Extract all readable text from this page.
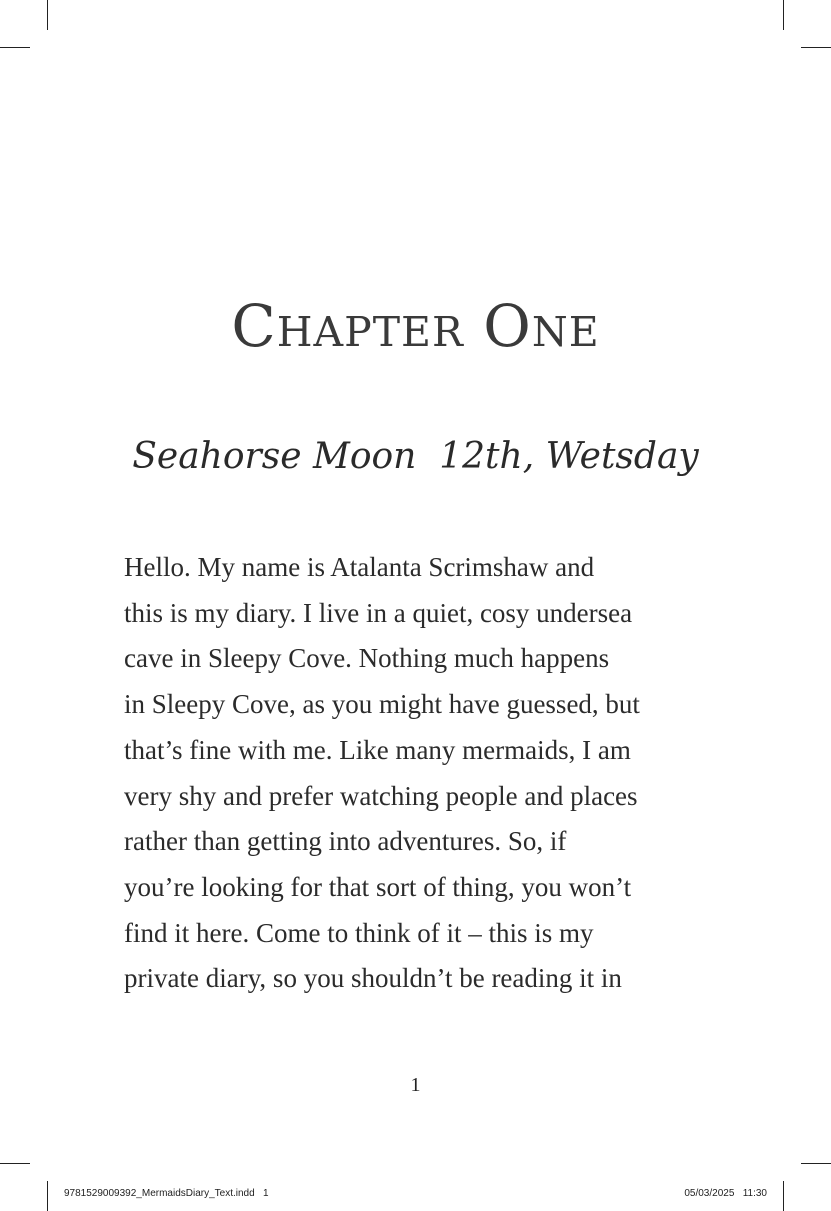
Chapter One
Seahorse Moon  12th, Wetsday
Hello. My name is Atalanta Scrimshaw and
this is my diary. I live in a quiet, cosy undersea
cave in Sleepy Cove. Nothing much happens
in Sleepy Cove, as you might have guessed, but
that’s fine with me. Like many mermaids, I am
very shy and prefer watching people and places
rather than getting into adventures. So, if
you’re looking for that sort of thing, you won’t
find it here. Come to think of it – this is my
private diary, so you shouldn’t be reading it in
1
9781529009392_MermaidsDiary_Text.indd   1	05/03/2025   11:30
